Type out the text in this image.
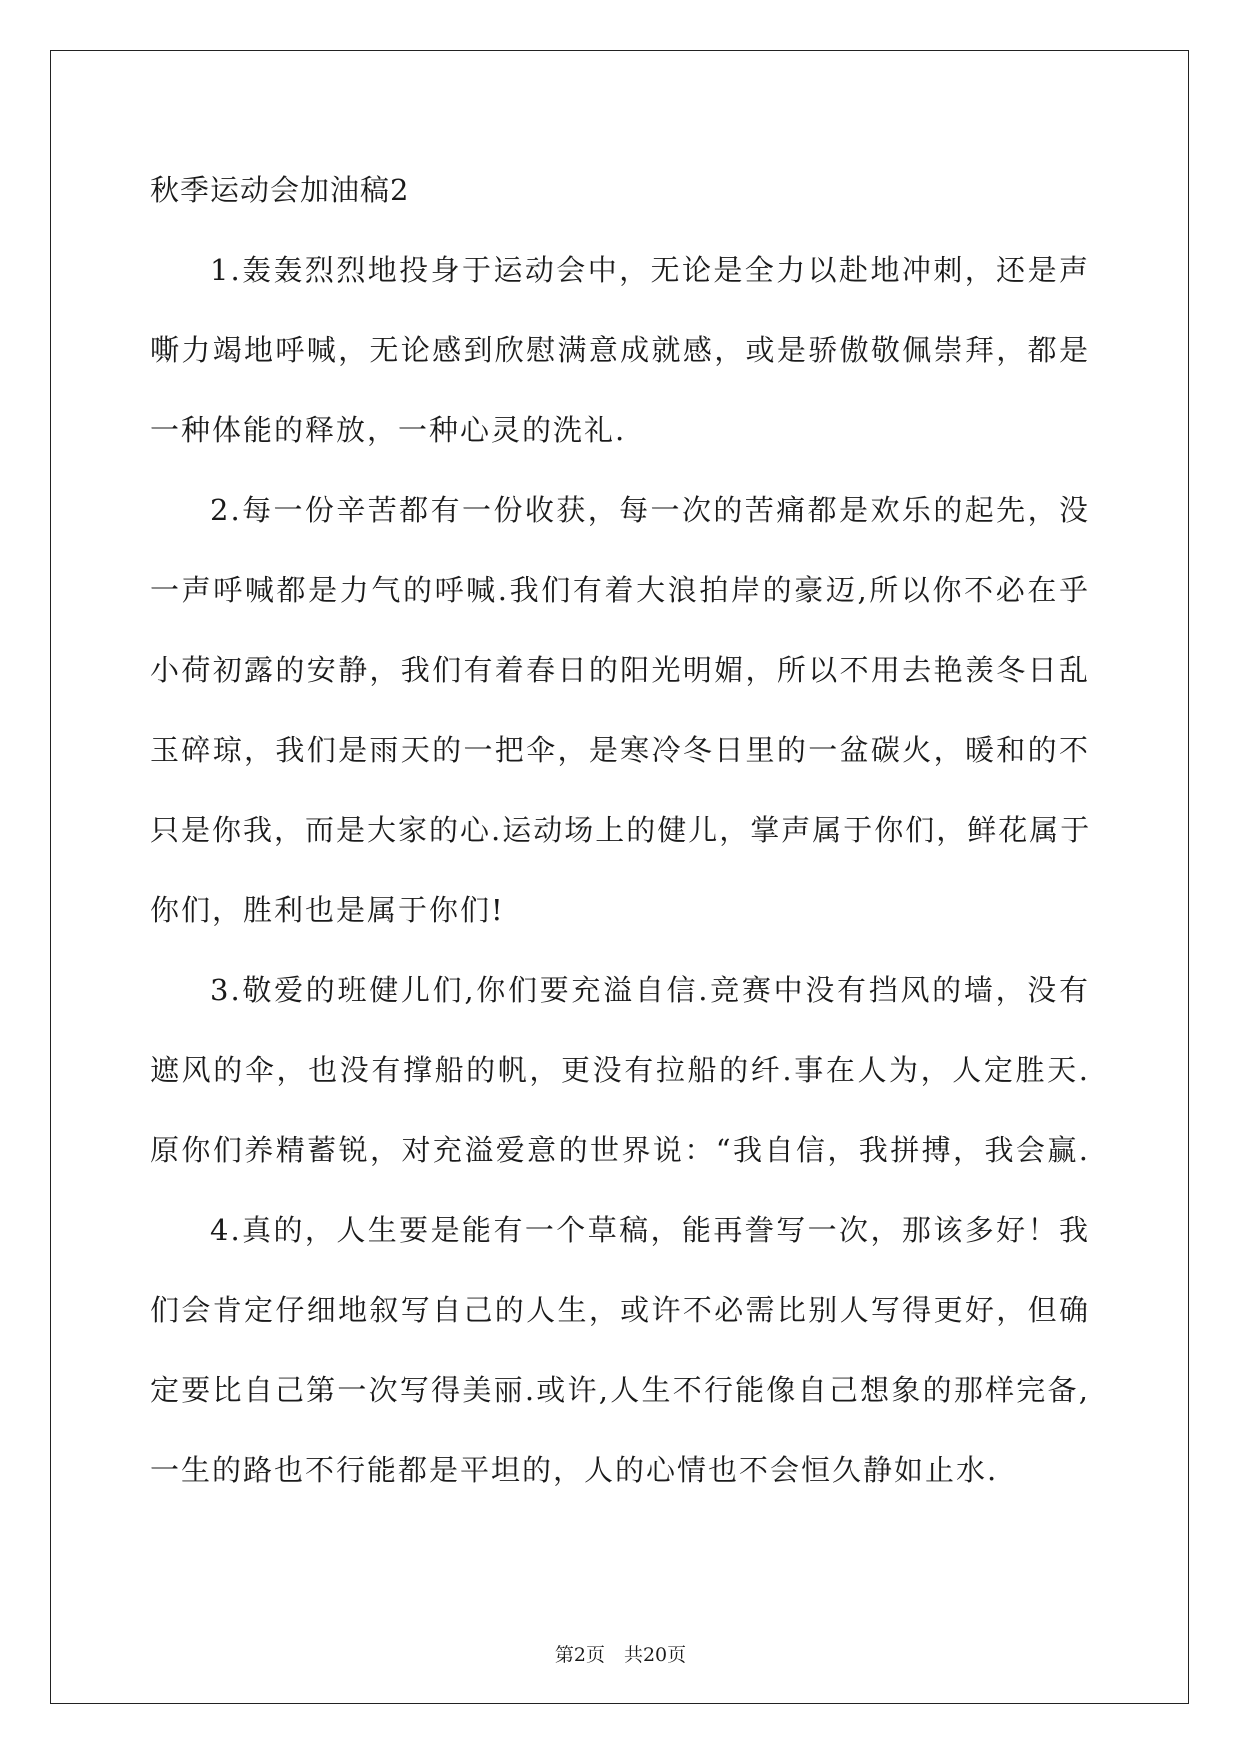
秋季运动会加油稿2

1.轰轰烈烈地投身于运动会中，无论是全力以赴地冲刺，还是声

嘶力竭地呼喊，无论感到欣慰满意成就感，或是骄傲敬佩崇拜，都是

一种体能的释放，一种心灵的洗礼.

2.每一份辛苦都有一份收获，每一次的苦痛都是欢乐的起先，没

一声呼喊都是力气的呼喊.我们有着大浪拍岸的豪迈,所以你不必在乎

小荷初露的安静，我们有着春日的阳光明媚，所以不用去艳羡冬日乱

玉碎琼，我们是雨天的一把伞，是寒冷冬日里的一盆碳火，暖和的不

只是你我，而是大家的心.运动场上的健儿，掌声属于你们，鲜花属于

你们，胜利也是属于你们!

3.敬爱的班健儿们,你们要充溢自信.竞赛中没有挡风的墙，没有

遮风的伞，也没有撑船的帆，更没有拉船的纤.事在人为，人定胜天.

原你们养精蓄锐，对充溢爱意的世界说：“我自信，我拼搏，我会赢.

4.真的，人生要是能有一个草稿，能再誊写一次，那该多好！我

们会肯定仔细地叙写自己的人生，或许不必需比别人写得更好，但确

定要比自己第一次写得美丽.或许,人生不行能像自己想象的那样完备,

一生的路也不行能都是平坦的，人的心情也不会恒久静如止水.

第2页　共20页
